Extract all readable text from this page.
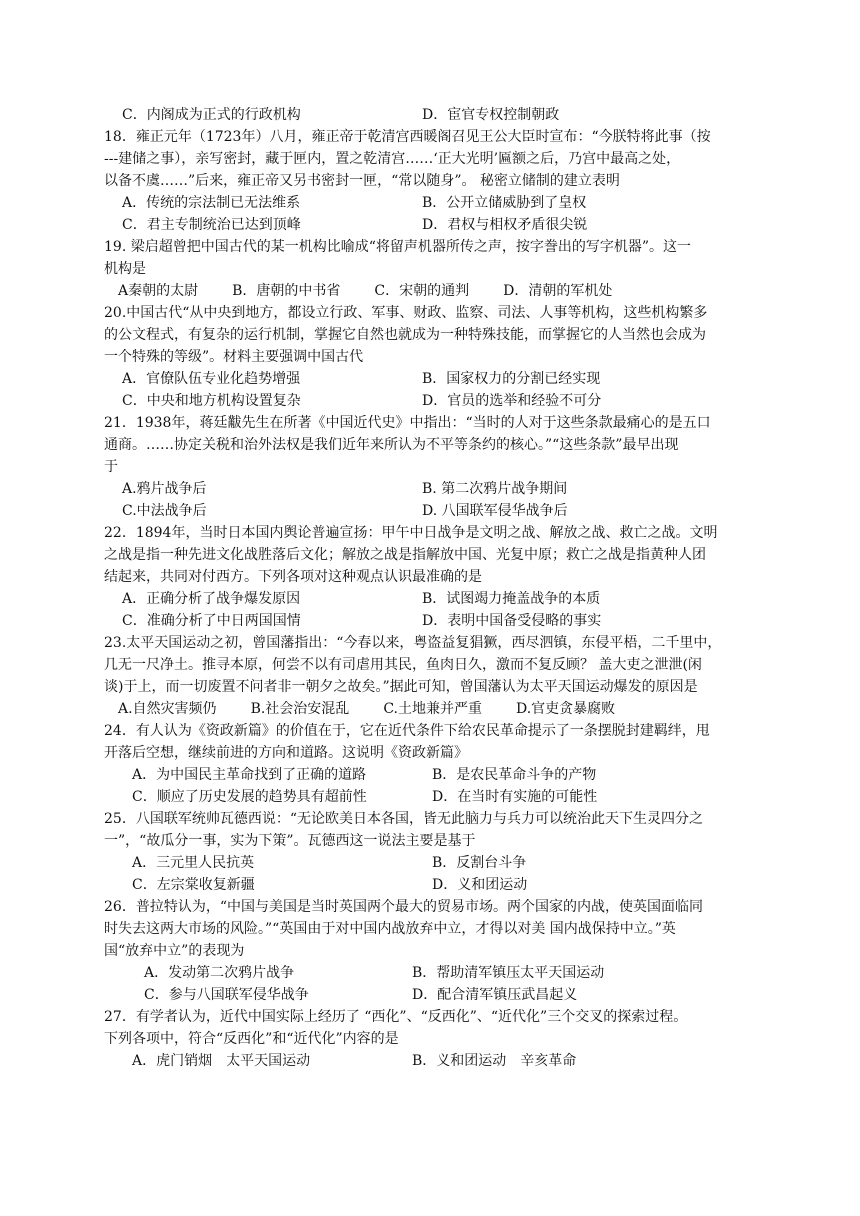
C．内阁成为正式的行政机构	D．宦官专权控制朝政
18．雍正元年（1723年）八月，雍正帝于乾清宫西暖阁召见王公大臣时宣布：“今朕特将此事（按
---建储之事），亲写密封，藏于匣内，置之乾清宫……‘正大光明’匾额之后，乃宫中最高之处，
以备不虞……”后来，雍正帝又另书密封一匣，“常以随身”。 秘密立储制的建立表明
A．传统的宗法制已无法维系	B．公开立储威胁到了皇权
C．君主专制统治已达到顶峰	D．君权与相权矛盾很尖锐
19. 梁启超曾把中国古代的某一机构比喻成“将留声机器所传之声，按字誊出的写字机器”。这一
机构是
A秦朝的太尉 B．唐朝的中书省 C．宋朝的通判 D．清朝的军机处
20.中国古代“从中央到地方，都设立行政、军事、财政、监察、司法、人事等机构，这些机构繁多
的公文程式，有复杂的运行机制，掌握它自然也就成为一种特殊技能，而掌握它的人当然也会成为
一个特殊的等级”。材料主要强调中国古代
A．官僚队伍专业化趋势增强	B．国家权力的分割已经实现
C．中央和地方机构设置复杂	D．官员的选举和经验不可分
21．1938年，蒋廷黻先生在所著《中国近代史》中指出：“当时的人对于这些条款最痛心的是五口
通商。……协定关税和治外法权是我们近年来所认为不平等条约的核心。”“这些条款”最早出现
于
A.鸦片战争后	B. 第二次鸦片战争期间
C.中法战争后	D. 八国联军侵华战争后
22．1894年，当时日本国内舆论普遍宣扬：甲午中日战争是文明之战、解放之战、救亡之战。文明
之战是指一种先进文化战胜落后文化；解放之战是指解放中国、光复中原；救亡之战是指黄种人团
结起来，共同对付西方。下列各项对这种观点认识最准确的是
A．正确分析了战争爆发原因	B．试图竭力掩盖战争的本质
C．准确分析了中日两国国情	D．表明中国备受侵略的事实
23.太平天国运动之初，曾国藩指出：“今春以来，粤盗益复猖獗，西尽泗镇，东侵平梧，二千里中，
几无一尺净土。推寻本原，何尝不以有司虐用其民，鱼肉日久，激而不复反顾？ 盖大吏之泄泄(闲
谈)于上，而一切废置不问者非一朝夕之故矣。”据此可知，曾国藩认为太平天国运动爆发的原因是
A.自然灾害频仍 B.社会治安混乱 C.土地兼并严重 D.官吏贪暴腐败
24．有人认为《资政新篇》的价值在于，它在近代条件下给农民革命提示了一条摆脱封建羁绊，甩
开落后空想，继续前进的方向和道路。这说明《资政新篇》
A．为中国民主革命找到了正确的道路	B．是农民革命斗争的产物
C．顺应了历史发展的趋势具有超前性	D．在当时有实施的可能性
25．八国联军统帅瓦德西说：“无论欧美日本各国，皆无此脑力与兵力可以统治此天下生灵四分之
一”，“故瓜分一事，实为下策”。瓦德西这一说法主要是基于
A．三元里人民抗英	B．反割台斗争
C．左宗棠收复新疆	D．义和团运动
26．普拉特认为，“中国与美国是当时英国两个最大的贸易市场。两个国家的内战，使英国面临同
时失去这两大市场的风险。”“英国由于对中国内战放弃中立，才得以对美 国内战保持中立。”英
国“放弃中立”的表现为
A．发动第二次鸦片战争	B．帮助清军镇压太平天国运动
C．参与八国联军侵华战争	D．配合清军镇压武昌起义
27．有学者认为，近代中国实际上经历了 “西化”、“反西化”、“近代化”三个交叉的探索过程。
下列各项中，符合“反西化”和“近代化”内容的是
A．虎门销烟　太平天国运动	B．义和团运动　辛亥革命
